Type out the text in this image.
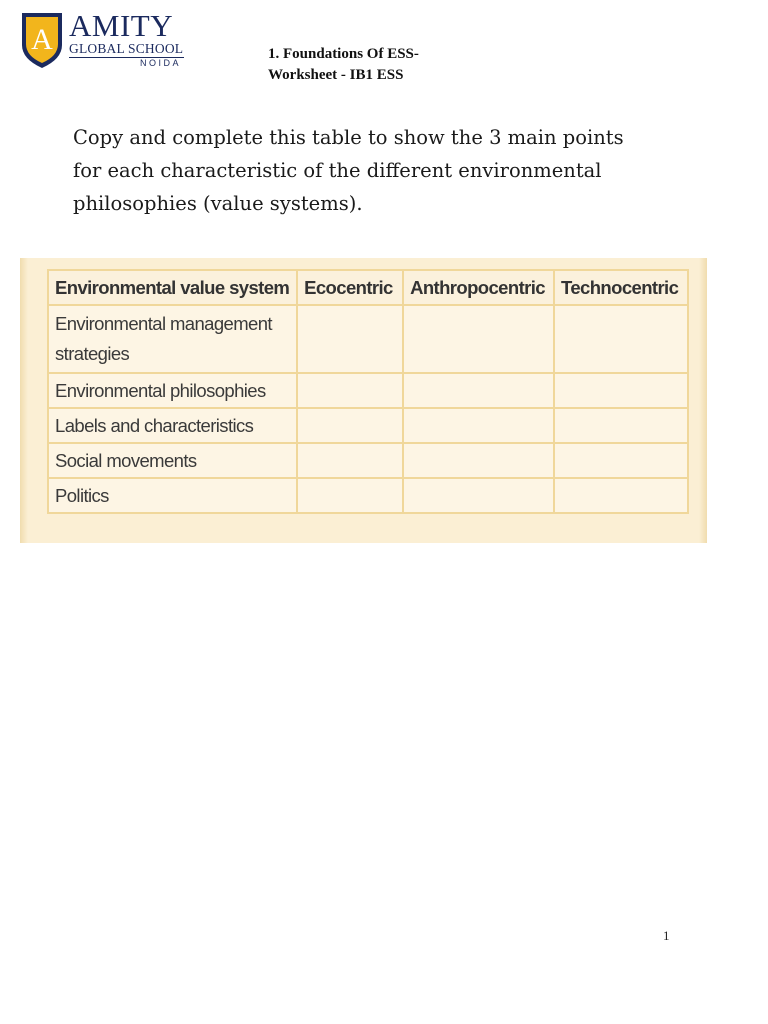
A AMITY
GLOBAL SCHOOL
NOIDA
1. Foundations Of ESS-
Worksheet - IB1 ESS
Copy and complete this table to show the 3 main points for each characteristic of the different environmental philosophies (value systems).
Environmental value system	Ecocentric	Anthropocentric	Technocentric
Environmental management strategies			
Environmental philosophies			
Labels and characteristics			
Social movements			
Politics			
1
